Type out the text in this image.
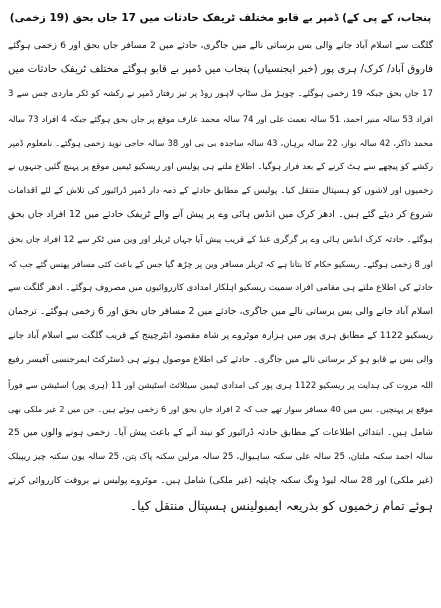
پنجاب، کے پی کے) ڈمپر بے قابو مختلف ٹریفک حادثات میں 17 جاں بحق (19 زخمی)
گلگت سے اسلام آباد جانے والی بس برساتی نالے میں جاگری، حادثے میں 2 مسافر جاں بحق اور 6 زخمی ہوگئے
فاروق آباد/ کرک/ ہری پور (خبر ایجنسیاں) پنجاب میں ڈمپر بے قابو ہوگئے مختلف ٹریفک حادثات میں
17 جاں بحق جبکہ 19 زخمی ہوگئے۔ چوہڑ مل سٹاپ لاہور روڈ پر تیز رفتار ڈمپر نے رکشہ کو ٹکر ماردی جس سے 3
افراد 53 سالہ منیر احمد، 51 سالہ نعمت علی اور 74 سالہ محمد عارف موقع پر جاں بحق ہوگئے جبکہ 4 افراد 73 سالہ
محمد ذاکر، 42 سالہ نواز، 22 سالہ برہان، 43 سالہ ساجدہ بی بی اور 38 سالہ حاجی نوید زخمی ہوگئے۔ نامعلوم ڈمپر
رکشے کو پیچھے سے ہٹ کرنے کے بعد فرار ہوگیا۔ اطلاع ملتے ہی پولیس اور ریسکیو ٹیمیں موقع پر پہنچ گئیں جنہوں نے
زخمیوں اور لاشوں کو ہسپتال منتقل کیا۔ پولیس کے مطابق حادثے کے ذمہ دار ڈمپر ڈرائیور کی تلاش کے لئے اقدامات
شروع کر دیئے گئے ہیں۔ ادھر کرک میں انڈس ہائی وے پر پیش آنے والے ٹریفک حادثے میں 12 افراد جاں بحق
ہوگئے۔ حادثہ کرک انڈس ہائی وے پر گرگری غنڈ کے قریب پیش آیا جہاں ٹریلر اور وین میں ٹکر سے 12 افراد جاں بحق
اور 8 زخمی ہوگئے۔ ریسکیو حکام کا بتانا ہے کہ ٹریلر مسافر وین پر چڑھ گیا جس کے باعث کئی مسافر پھنس گئے جب کہ
حادثے کی اطلاع ملتے ہی مقامی افراد سمیت ریسکیو اہلکار امدادی کارروائیوں میں مصروف ہوگئے۔ ادھر گلگت سے
اسلام آباد جانے والی بس برساتی نالے میں جاگری، حادثے میں 2 مسافر جاں بحق اور 6 زخمی ہوگئے۔ ترجمان
ریسکیو 1122 کے مطابق ہری پور میں ہزارہ موٹروے پر شاہ مقصود انٹرچینج کے قریب گلگت سے اسلام آباد جانے
والی بس بے قابو ہو کر برساتی نالے میں جاگری۔ حادثے کی اطلاع موصول ہوتے ہی ڈسٹرکٹ ایمرجنسی آفیسر رفیع
اللہ مروت کی ہدایت پر ریسکیو 1122 ہری پور کی امدادی ٹیمیں سیٹلائٹ اسٹیشن اور 11 (ہری پور) اسٹیشن سے فوراً
موقع پر پہنچیں۔ بس میں 40 مسافر سوار تھے جب کہ 2 افراد جاں بحق اور 6 زخمی ہوئے ہیں۔ جن میں 2 غیر ملکی بھی
شامل ہیں۔ ابتدائی اطلاعات کے مطابق حادثہ ڈرائیور کو نیند آنے کے باعث پیش آیا۔ زخمی ہونے والوں میں 25
سالہ احمد سکنہ ملتان، 25 سالہ علی سکنہ ساہیوال، 25 سالہ مرلین سکنہ پاک پتن، 25 سالہ یون سکنہ چیز ریپبلک
(غیر ملکی) اور 28 سالہ لیوڈ وِنگ سکنہ چاپئیہ (غیر ملکی) شامل ہیں۔ موٹروے پولیس نے بروقت کارروائی کرتے
ہوئے تمام زخمیوں کو بذریعہ ایمبولینس ہسپتال منتقل کیا۔
